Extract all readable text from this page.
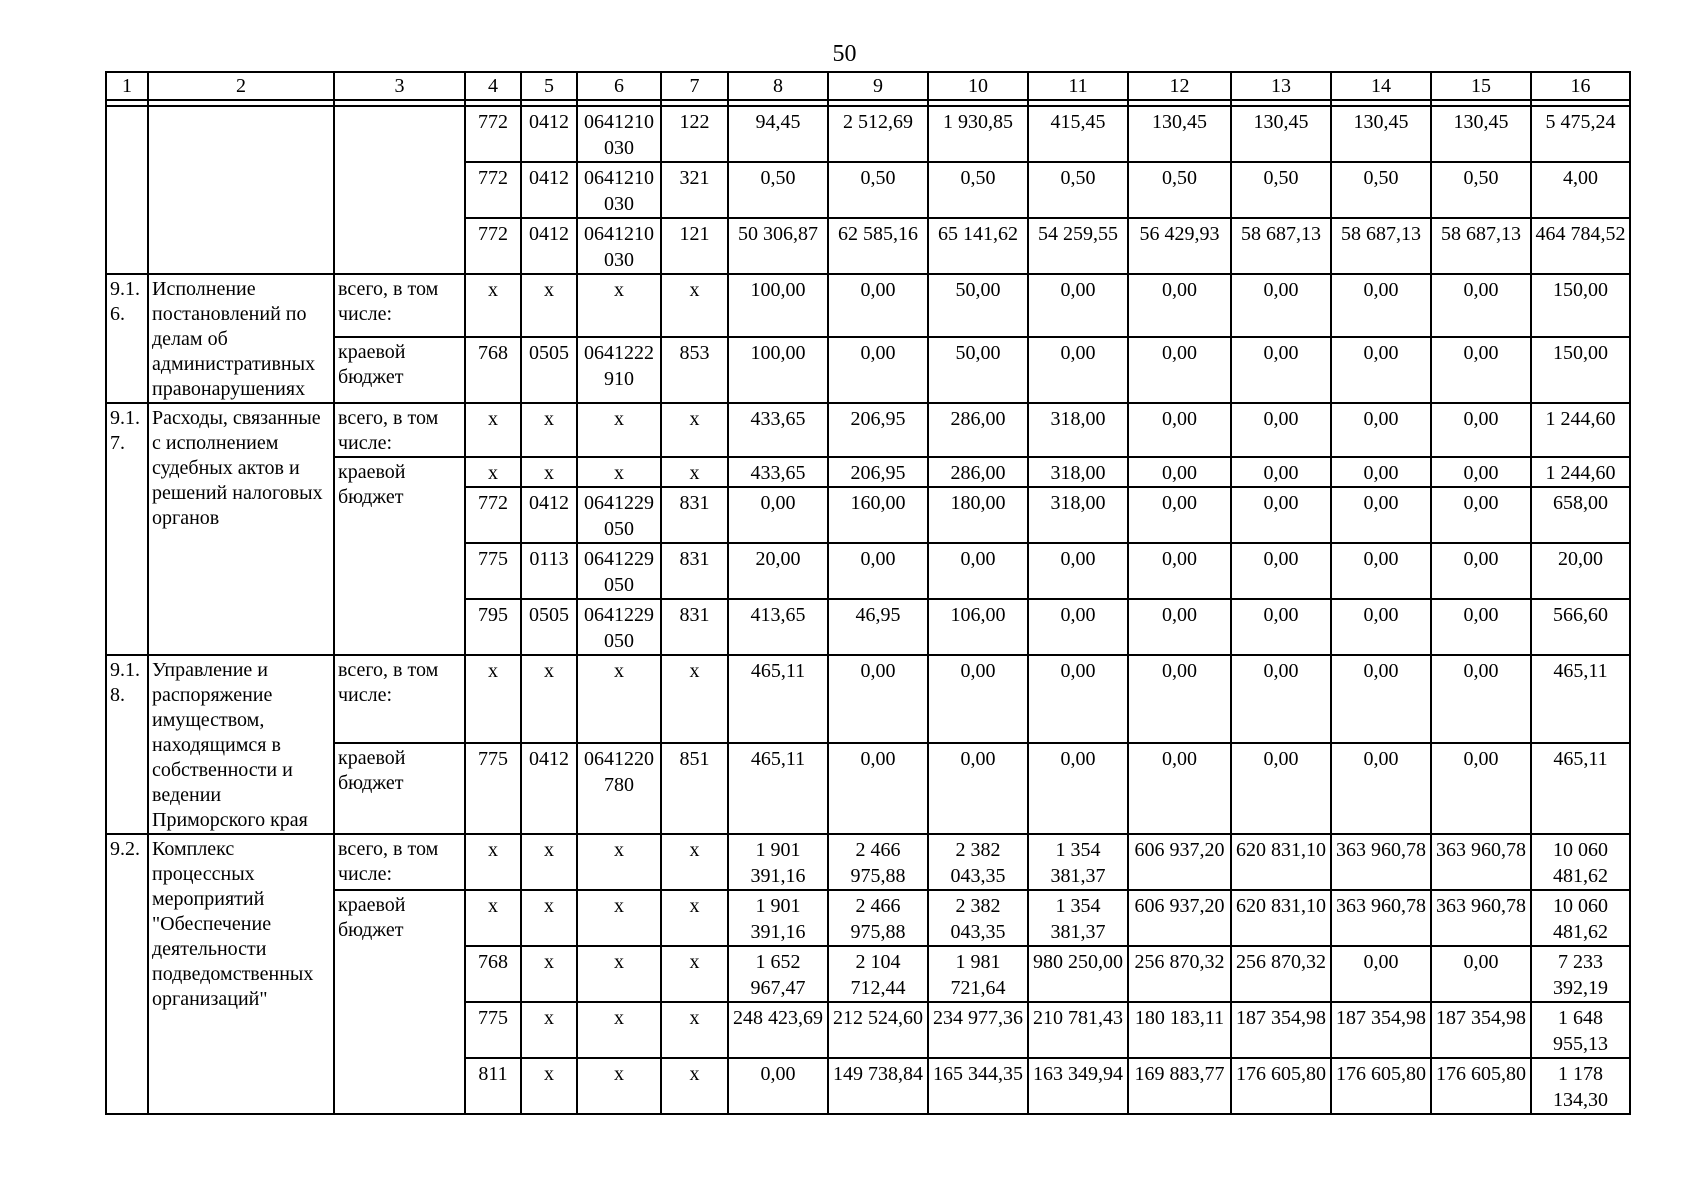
50
1	2	3	4	5	6	7	8	9	10	11	12	13	14	15	16

			772	0412	0641210 030	122	94,45	2 512,69	1 930,85	415,45	130,45	130,45	130,45	130,45	5 475,24
			772	0412	0641210 030	321	0,50	0,50	0,50	0,50	0,50	0,50	0,50	0,50	4,00
			772	0412	0641210 030	121	50 306,87	62 585,16	65 141,62	54 259,55	56 429,93	58 687,13	58 687,13	58 687,13	464 784,52
9.1. 6.	Исполнение постановлений по делам об административных правонарушениях	всего, в том числе:	x	x	x	x	100,00	0,00	50,00	0,00	0,00	0,00	0,00	0,00	150,00
		краевой бюджет	768	0505	0641222 910	853	100,00	0,00	50,00	0,00	0,00	0,00	0,00	0,00	150,00
9.1. 7.	Расходы, связанные с исполнением судебных актов и решений налоговых органов	всего, в том числе:	x	x	x	x	433,65	206,95	286,00	318,00	0,00	0,00	0,00	0,00	1 244,60
		краевой бюджет	x	x	x	x	433,65	206,95	286,00	318,00	0,00	0,00	0,00	0,00	1 244,60
			772	0412	0641229 050	831	0,00	160,00	180,00	318,00	0,00	0,00	0,00	0,00	658,00
			775	0113	0641229 050	831	20,00	0,00	0,00	0,00	0,00	0,00	0,00	0,00	20,00
			795	0505	0641229 050	831	413,65	46,95	106,00	0,00	0,00	0,00	0,00	0,00	566,60
9.1. 8.	Управление и распоряжение имуществом, находящимся в собственности и ведении Приморского края	всего, в том числе:	x	x	x	x	465,11	0,00	0,00	0,00	0,00	0,00	0,00	0,00	465,11
		краевой бюджет	775	0412	0641220 780	851	465,11	0,00	0,00	0,00	0,00	0,00	0,00	0,00	465,11
9.2.	Комплекс процессных мероприятий "Обеспечение деятельности подведомственных организаций"	всего, в том числе:	x	x	x	x	1 901 391,16	2 466 975,88	2 382 043,35	1 354 381,37	606 937,20	620 831,10	363 960,78	363 960,78	10 060 481,62
		краевой бюджет	x	x	x	x	1 901 391,16	2 466 975,88	2 382 043,35	1 354 381,37	606 937,20	620 831,10	363 960,78	363 960,78	10 060 481,62
			768	x	x	x	1 652 967,47	2 104 712,44	1 981 721,64	980 250,00	256 870,32	256 870,32	0,00	0,00	7 233 392,19
			775	x	x	x	248 423,69	212 524,60	234 977,36	210 781,43	180 183,11	187 354,98	187 354,98	187 354,98	1 648 955,13
			811	x	x	x	0,00	149 738,84	165 344,35	163 349,94	169 883,77	176 605,80	176 605,80	176 605,80	1 178 134,30
